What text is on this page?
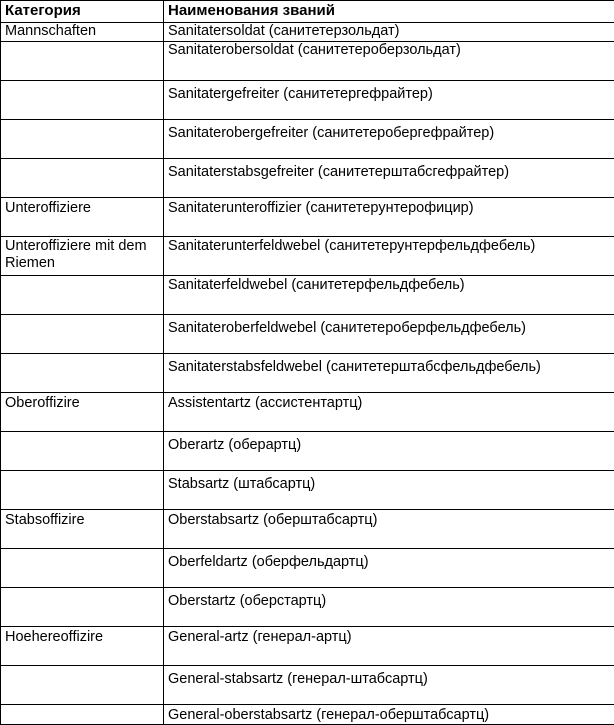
Категория	Наименования званий
Mannschaften	Sanitatersoldat (санитетерзольдат)
	Sanitaterobersoldat (санитетероберзольдат)
	Sanitatergefreiter (санитетергефрайтер)
	Sanitaterobergefreiter (санитетеробергефрайтер)
	Sanitaterstabsgefreiter (санитетерштабсгефрайтер)
Unteroffiziere	Sanitaterunteroffizier (санитетерунтерофицир)
Unteroffiziere mit dem Riemen	Sanitaterunterfeldwebel (санитетерунтерфельдфебель)
	Sanitaterfeldwebel (санитетерфельдфебель)
	Sanitateroberfeldwebel (санитетероберфельдфебель)
	Sanitaterstabsfeldwebel (санитетерштабсфельдфебель)
Oberoffizire	Assistentartz (ассистентартц)
	Oberartz (оберартц)
	Stabsartz (штабсартц)
Stabsoffizire	Oberstabsartz (оберштабсартц)
	Oberfeldartz (оберфельдартц)
	Oberstartz (оберстартц)
Hoehereoffizire	General-artz (генерал-артц)
	General-stabsartz (генерал-штабсартц)
	General-oberstabsartz (генерал-оберштабсартц)
